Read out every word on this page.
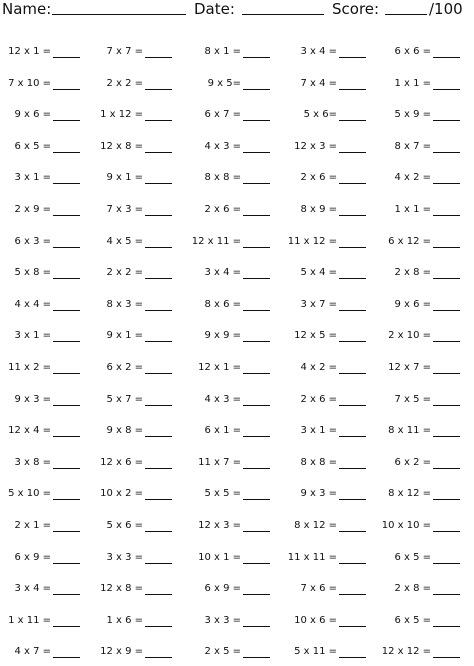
Name:	Date:	Score:	/100
12 x 1 =	7 x 7 =	8 x 1 =	3 x 4 =	6 x 6 =
7 x 10 =	2 x 2 =	9 x 5=	7 x 4 =	1 x 1 =
9 x 6 =	1 x 12 =	6 x 7 =	5 x 6=	5 x 9 =
6 x 5 =	12 x 8 =	4 x 3 =	12 x 3 =	8 x 7 =
3 x 1 =	9 x 1 =	8 x 8 =	2 x 6 =	4 x 2 =
2 x 9 =	7 x 3 =	2 x 6 =	8 x 9 =	1 x 1 =
6 x 3 =	4 x 5 =	12 x 11 =	11 x 12 =	6 x 12 =
5 x 8 =	2 x 2 =	3 x 4 =	5 x 4 =	2 x 8 =
4 x 4 =	8 x 3 =	8 x 6 =	3 x 7 =	9 x 6 =
3 x 1 =	9 x 1 =	9 x 9 =	12 x 5 =	2 x 10 =
11 x 2 =	6 x 2 =	12 x 1 =	4 x 2 =	12 x 7 =
9 x 3 =	5 x 7 =	4 x 3 =	2 x 6 =	7 x 5 =
12 x 4 =	9 x 8 =	6 x 1 =	3 x 1 =	8 x 11 =
3 x 8 =	12 x 6 =	11 x 7 =	8 x 8 =	6 x 2 =
5 x 10 =	10 x 2 =	5 x 5 =	9 x 3 =	8 x 12 =
2 x 1 =	5 x 6 =	12 x 3 =	8 x 12 =	10 x 10 =
6 x 9 =	3 x 3 =	10 x 1 =	11 x 11 =	6 x 5 =
3 x 4 =	12 x 8 =	6 x 9 =	7 x 6 =	2 x 8 =
1 x 11 =	1 x 6 =	3 x 3 =	10 x 6 =	6 x 5 =
4 x 7 =	12 x 9 =	2 x 5 =	5 x 11 =	12 x 12 =
